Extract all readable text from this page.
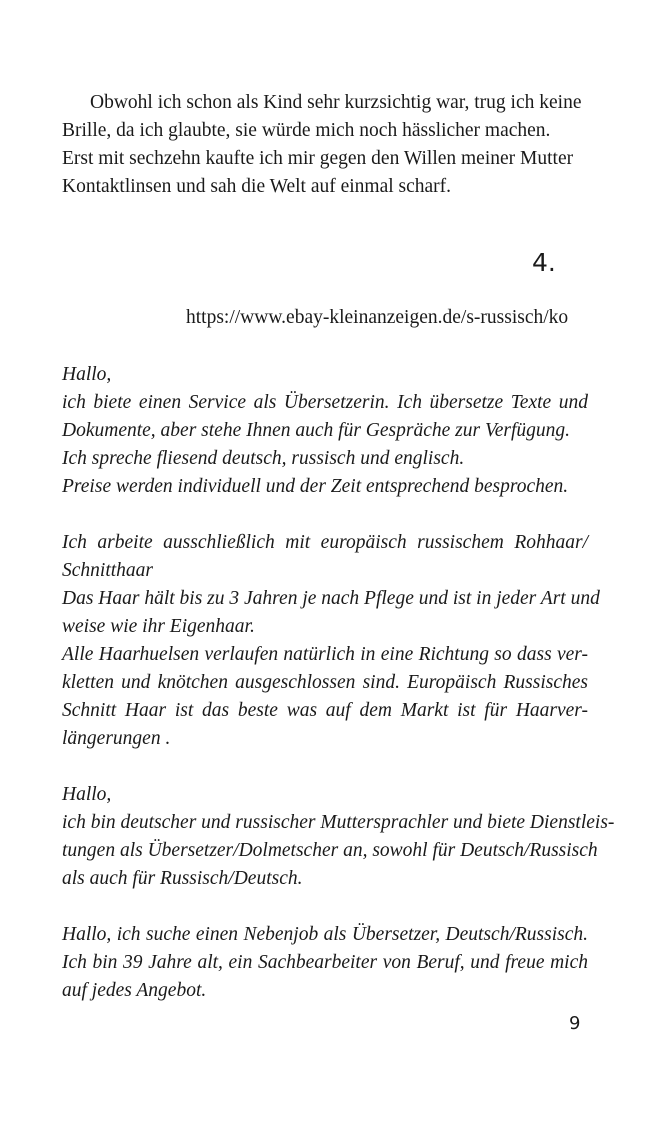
Obwohl ich schon als Kind sehr kurzsichtig war, trug ich keine
Brille, da ich glaubte, sie würde mich noch hässlicher machen.
Erst mit sechzehn kaufte ich mir gegen den Willen meiner Mutter
Kontaktlinsen und sah die Welt auf einmal scharf.

4.
https://www.ebay-kleinanzeigen.de/s-russisch/ko

Hallo,
ich biete einen Service als Übersetzerin. Ich übersetze Texte und
Dokumente, aber stehe Ihnen auch für Gespräche zur Verfügung.
Ich spreche fliesend deutsch, russisch und englisch.
Preise werden individuell und der Zeit entsprechend besprochen.

Ich arbeite ausschließlich mit europäisch russischem Rohhaar/
Schnitthaar
Das Haar hält bis zu 3 Jahren je nach Pflege und ist in jeder Art und
weise wie ihr Eigenhaar.
Alle Haarhuelsen verlaufen natürlich in eine Richtung so dass ver-
kletten und knötchen ausgeschlossen sind. Europäisch Russisches
Schnitt Haar ist das beste was auf dem Markt ist für Haarver-
längerungen .

Hallo,
ich bin deutscher und russischer Muttersprachler und biete Dienstleis-
tungen als Übersetzer/Dolmetscher an, sowohl für Deutsch/Russisch
als auch für Russisch/Deutsch.

Hallo, ich suche einen Nebenjob als Übersetzer, Deutsch/Russisch.
Ich bin 39 Jahre alt, ein Sachbearbeiter von Beruf, und freue mich
auf jedes Angebot.

9
